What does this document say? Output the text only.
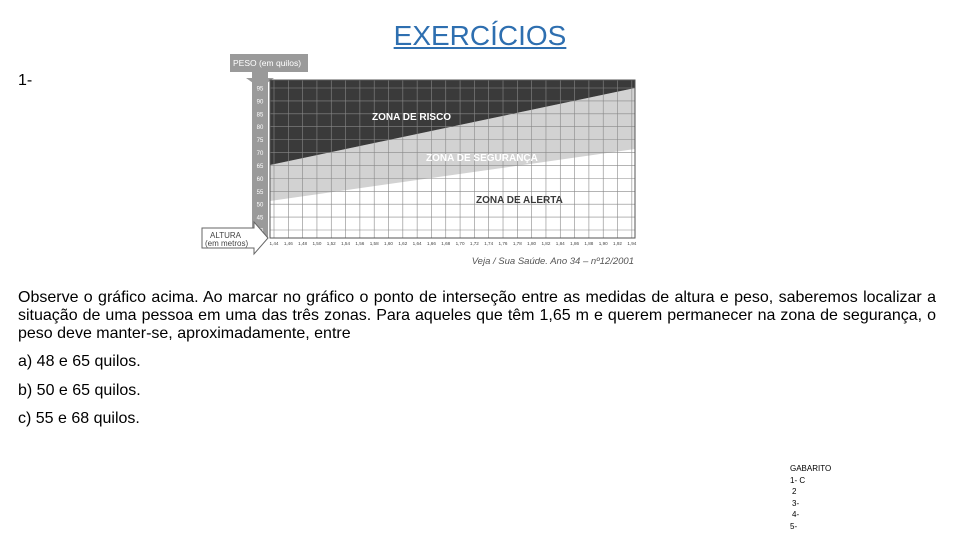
EXERCÍCIOS
1-
PESO (em quilos)
45
50
55
60
65
70
75
80
85
90
95
ZONA DE RISCO
ZONA DE SEGURANÇA
ZONA DE ALERTA
ALTURA
(em metros)	1,44 1,46 1,48 1,50 1,52 1,54 1,56 1,58 1,60 1,62 1,64 1,66 1,68 1,70 1,72 1,74 1,76 1,78 1,80 1,82 1,84 1,86 1,88 1,90 1,92 1,94
Veja / Sua Saúde. Ano 34 – nº12/2001

Observe o gráfico acima. Ao marcar no gráfico o ponto de interseção entre as medidas de altura e peso, saberemos localizar a situação de uma pessoa em uma das três zonas. Para aqueles que têm 1,65 m e querem permanecer na zona de segurança, o peso deve manter-se, aproximadamente, entre

a) 48 e 65 quilos.
b) 50 e 65 quilos.
c) 55 e 68 quilos.
GABARITO
1- C
2
3-
4-
5-
